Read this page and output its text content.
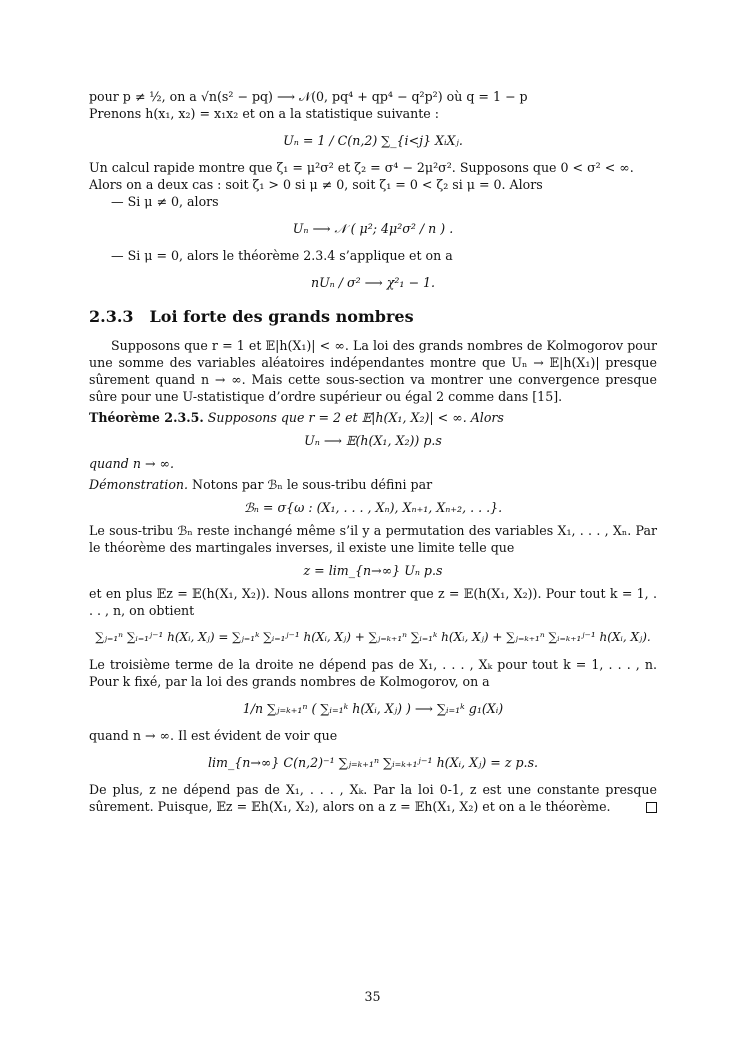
pour p ≠ ½, on a √n(s² − pq) ⟶ 𝒩(0, pq⁴ + qp⁴ − q²p²) où q = 1 − p

Prenons h(x₁, x₂) = x₁x₂ et on a la statistique suivante :

Uₙ = 1 / C(n,2) ∑_{i<j} XᵢXⱼ.

Un calcul rapide montre que ζ₁ = μ²σ² et ζ₂ = σ⁴ − 2μ²σ². Supposons que 0 < σ² < ∞.

Alors on a deux cas : soit ζ₁ > 0 si μ ≠ 0, soit ζ₁ = 0 < ζ₂ si μ = 0. Alors

— Si μ ≠ 0, alors

Uₙ ⟶ 𝒩 ( μ²; 4μ²σ² / n ) .

— Si μ = 0, alors le théorème 2.3.4 s’applique et on a

nUₙ / σ² ⟶ χ²₁ − 1.
2.3.3 Loi forte des grands nombres

Supposons que r = 1 et 𝔼|h(X₁)| < ∞. La loi des grands nombres de Kolmogorov pour une somme des variables aléatoires indépendantes montre que Uₙ → 𝔼|h(X₁)| presque sûrement quand n → ∞. Mais cette sous-section va montrer une convergence presque sûre pour une U-statistique d’ordre supérieur ou égal 2 comme dans [15].

Théorème 2.3.5. Supposons que r = 2 et 𝔼|h(X₁, X₂)| < ∞. Alors

Uₙ ⟶ 𝔼(h(X₁, X₂)) p.s

quand n → ∞.

Démonstration. Notons par ℬₙ le sous-tribu défini par

ℬₙ = σ{ω : (X₁, . . . , Xₙ), Xₙ₊₁, Xₙ₊₂, . . .}.

Le sous-tribu ℬₙ reste inchangé même s’il y a permutation des variables X₁, . . . , Xₙ. Par le théorème des martingales inverses, il existe une limite telle que

z = lim_{n→∞} Uₙ p.s

et en plus 𝔼z = 𝔼(h(X₁, X₂)). Nous allons montrer que z = 𝔼(h(X₁, X₂)). Pour tout k = 1, . . . , n, on obtient

∑ⱼ₌₁ⁿ ∑ᵢ₌₁ʲ⁻¹ h(Xᵢ, Xⱼ) = ∑ⱼ₌₁ᵏ ∑ᵢ₌₁ʲ⁻¹ h(Xᵢ, Xⱼ) + ∑ⱼ₌ₖ₊₁ⁿ ∑ᵢ₌₁ᵏ h(Xᵢ, Xⱼ) + ∑ⱼ₌ₖ₊₁ⁿ ∑ᵢ₌ₖ₊₁ʲ⁻¹ h(Xᵢ, Xⱼ).

Le troisième terme de la droite ne dépend pas de X₁, . . . , Xₖ pour tout k = 1, . . . , n. Pour k fixé, par la loi des grands nombres de Kolmogorov, on a

1/n ∑ⱼ₌ₖ₊₁ⁿ ( ∑ᵢ₌₁ᵏ h(Xᵢ, Xⱼ) ) ⟶ ∑ᵢ₌₁ᵏ g₁(Xᵢ)

quand n → ∞. Il est évident de voir que

lim_{n→∞} C(n,2)⁻¹ ∑ⱼ₌ₖ₊₁ⁿ ∑ᵢ₌ₖ₊₁ʲ⁻¹ h(Xᵢ, Xⱼ) = z p.s.

De plus, z ne dépend pas de X₁, . . . , Xₖ. Par la loi 0-1, z est une constante presque sûrement. Puisque, 𝔼z = 𝔼h(X₁, X₂), alors on a z = 𝔼h(X₁, X₂) et on a le théorème.

35
